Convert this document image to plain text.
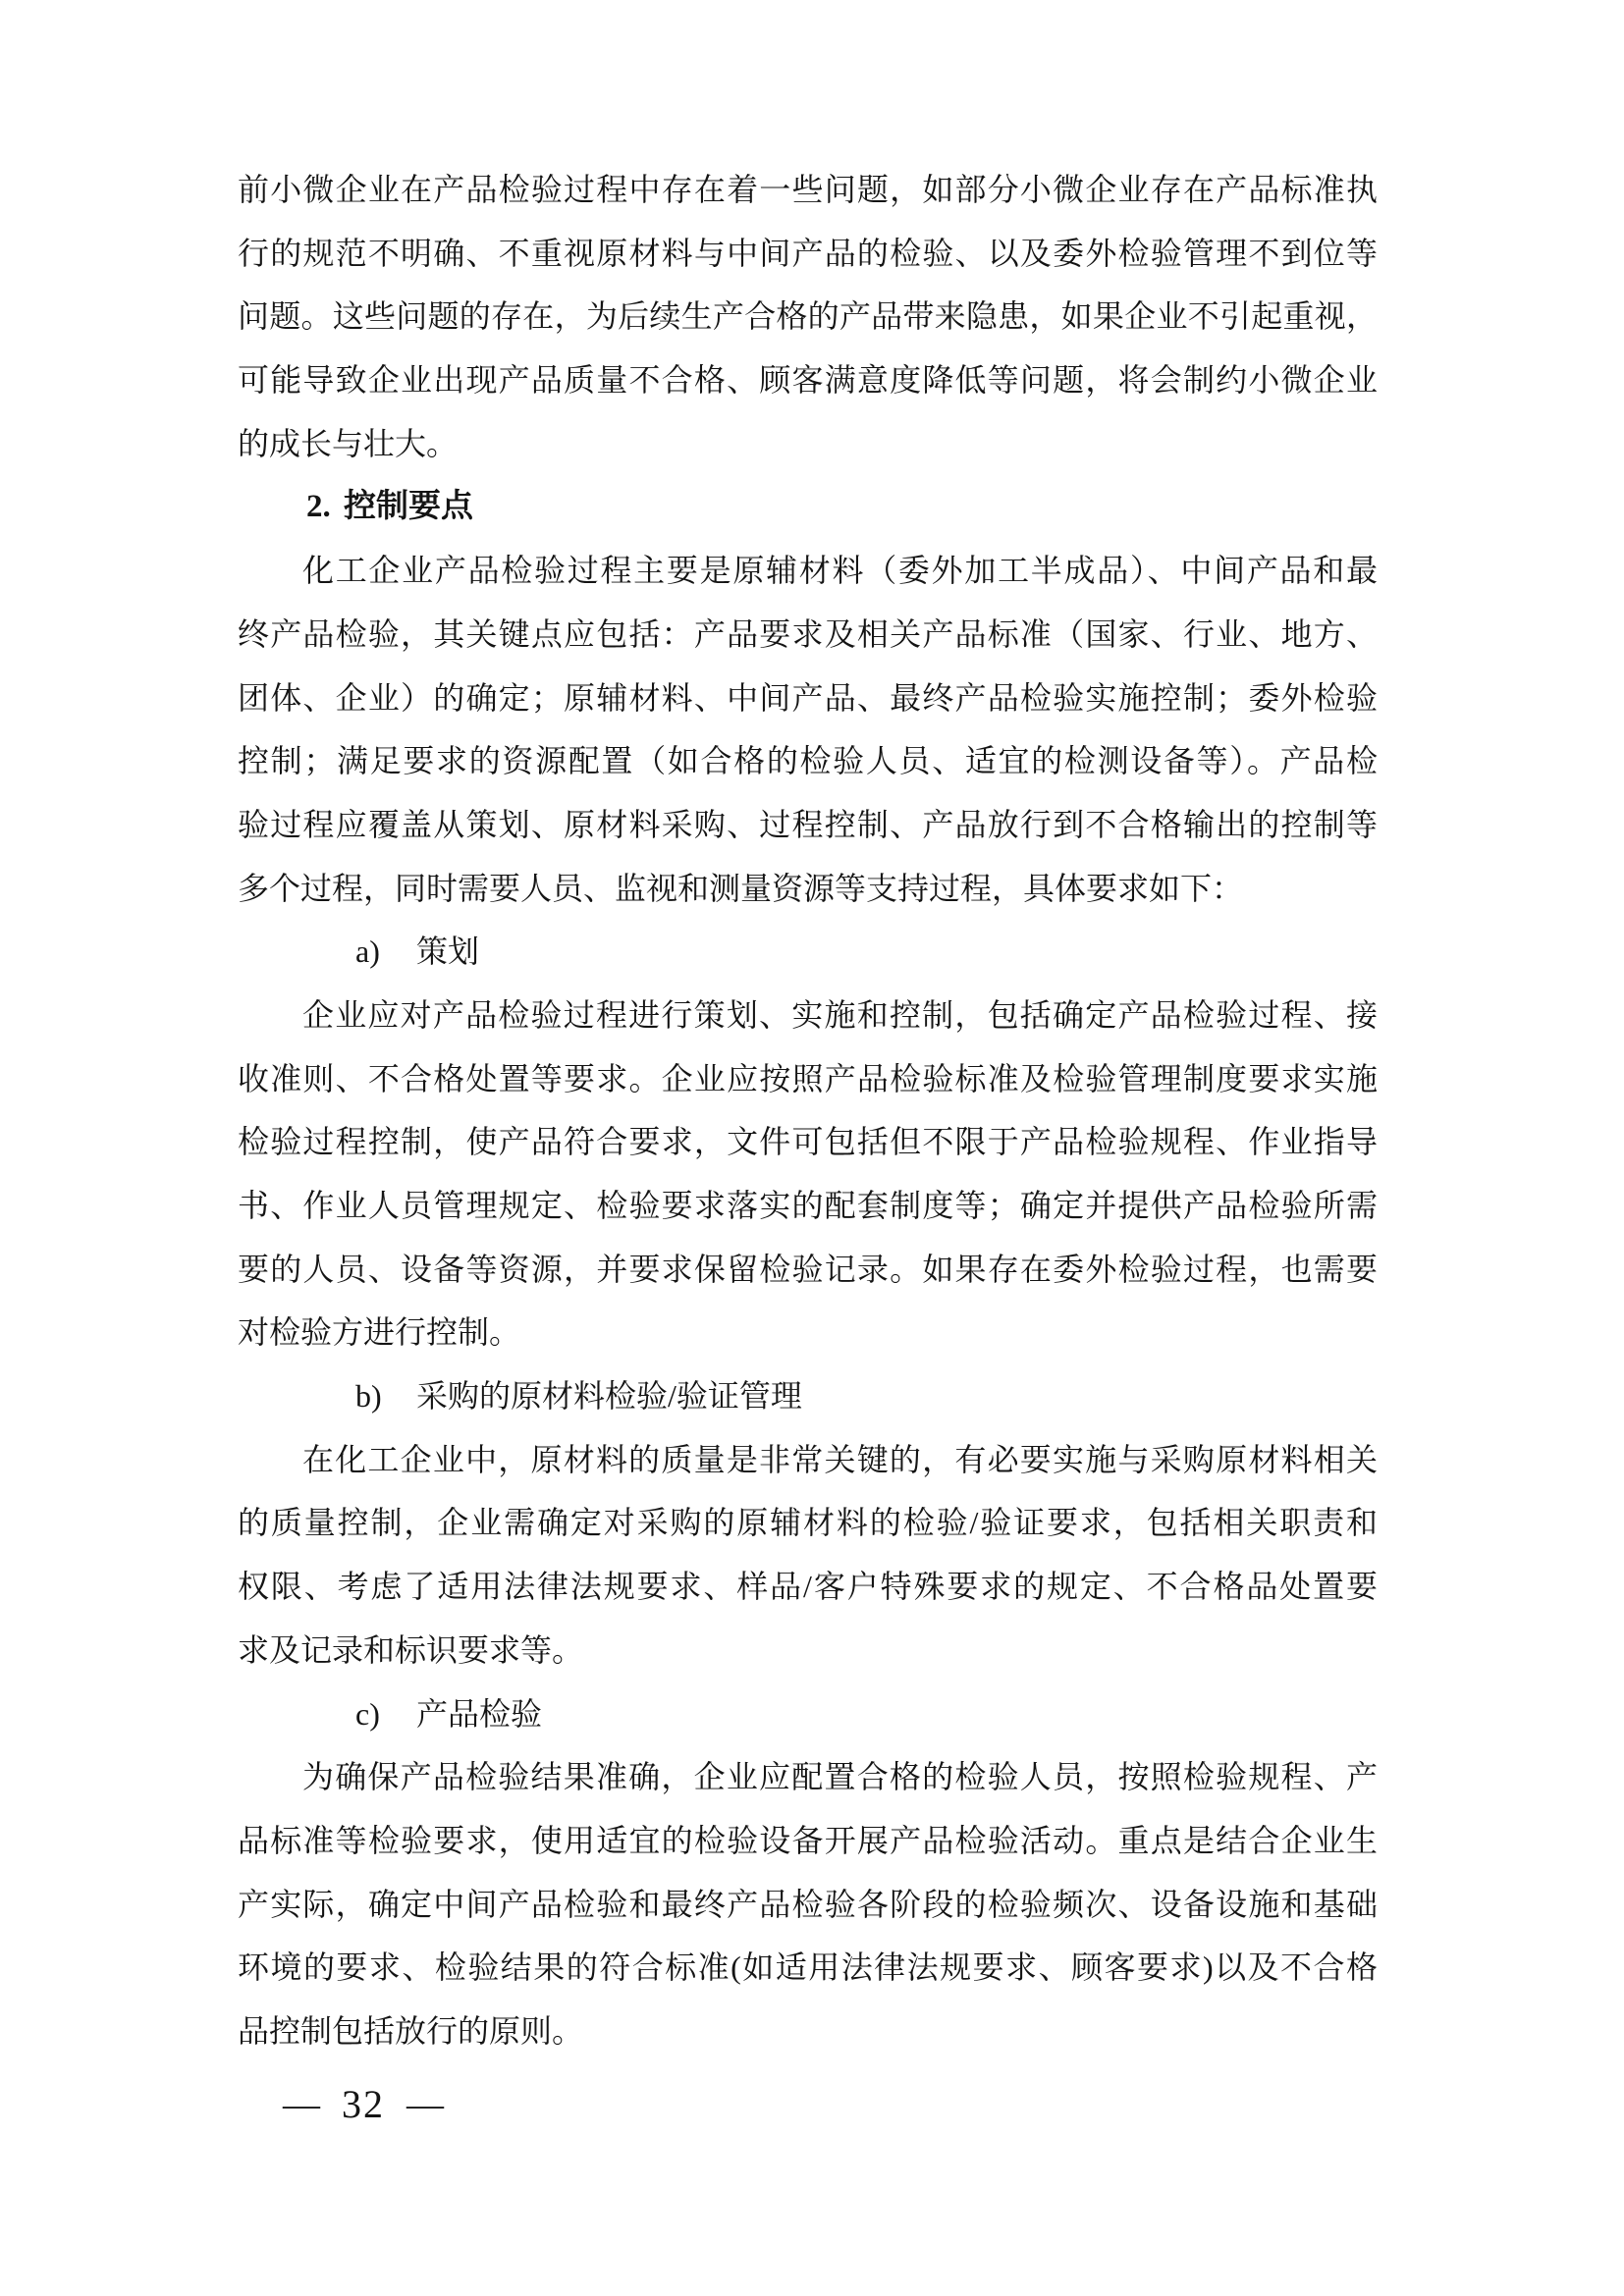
前小微企业在产品检验过程中存在着一些问题，如部分小微企业存在产品标准执
行的规范不明确、不重视原材料与中间产品的检验、以及委外检验管理不到位等
问题。这些问题的存在，为后续生产合格的产品带来隐患，如果企业不引起重视，
可能导致企业出现产品质量不合格、顾客满意度降低等问题，将会制约小微企业
的成长与壮大。
2. 控制要点
化工企业产品检验过程主要是原辅材料（委外加工半成品）、中间产品和最
终产品检验，其关键点应包括：产品要求及相关产品标准（国家、行业、地方、
团体、企业）的确定；原辅材料、中间产品、最终产品检验实施控制；委外检验
控制；满足要求的资源配置（如合格的检验人员、适宜的检测设备等）。产品检
验过程应覆盖从策划、原材料采购、过程控制、产品放行到不合格输出的控制等
多个过程，同时需要人员、监视和测量资源等支持过程，具体要求如下：
a) 策划
企业应对产品检验过程进行策划、实施和控制，包括确定产品检验过程、接
收准则、不合格处置等要求。企业应按照产品检验标准及检验管理制度要求实施
检验过程控制，使产品符合要求，文件可包括但不限于产品检验规程、作业指导
书、作业人员管理规定、检验要求落实的配套制度等；确定并提供产品检验所需
要的人员、设备等资源，并要求保留检验记录。如果存在委外检验过程，也需要
对检验方进行控制。
b) 采购的原材料检验/验证管理
在化工企业中，原材料的质量是非常关键的，有必要实施与采购原材料相关
的质量控制，企业需确定对采购的原辅材料的检验/验证要求，包括相关职责和
权限、考虑了适用法律法规要求、样品/客户特殊要求的规定、不合格品处置要
求及记录和标识要求等。
c) 产品检验
为确保产品检验结果准确，企业应配置合格的检验人员，按照检验规程、产
品标准等检验要求，使用适宜的检验设备开展产品检验活动。重点是结合企业生
产实际，确定中间产品检验和最终产品检验各阶段的检验频次、设备设施和基础
环境的要求、检验结果的符合标准(如适用法律法规要求、顾客要求)以及不合格
品控制包括放行的原则。
— 32 —
